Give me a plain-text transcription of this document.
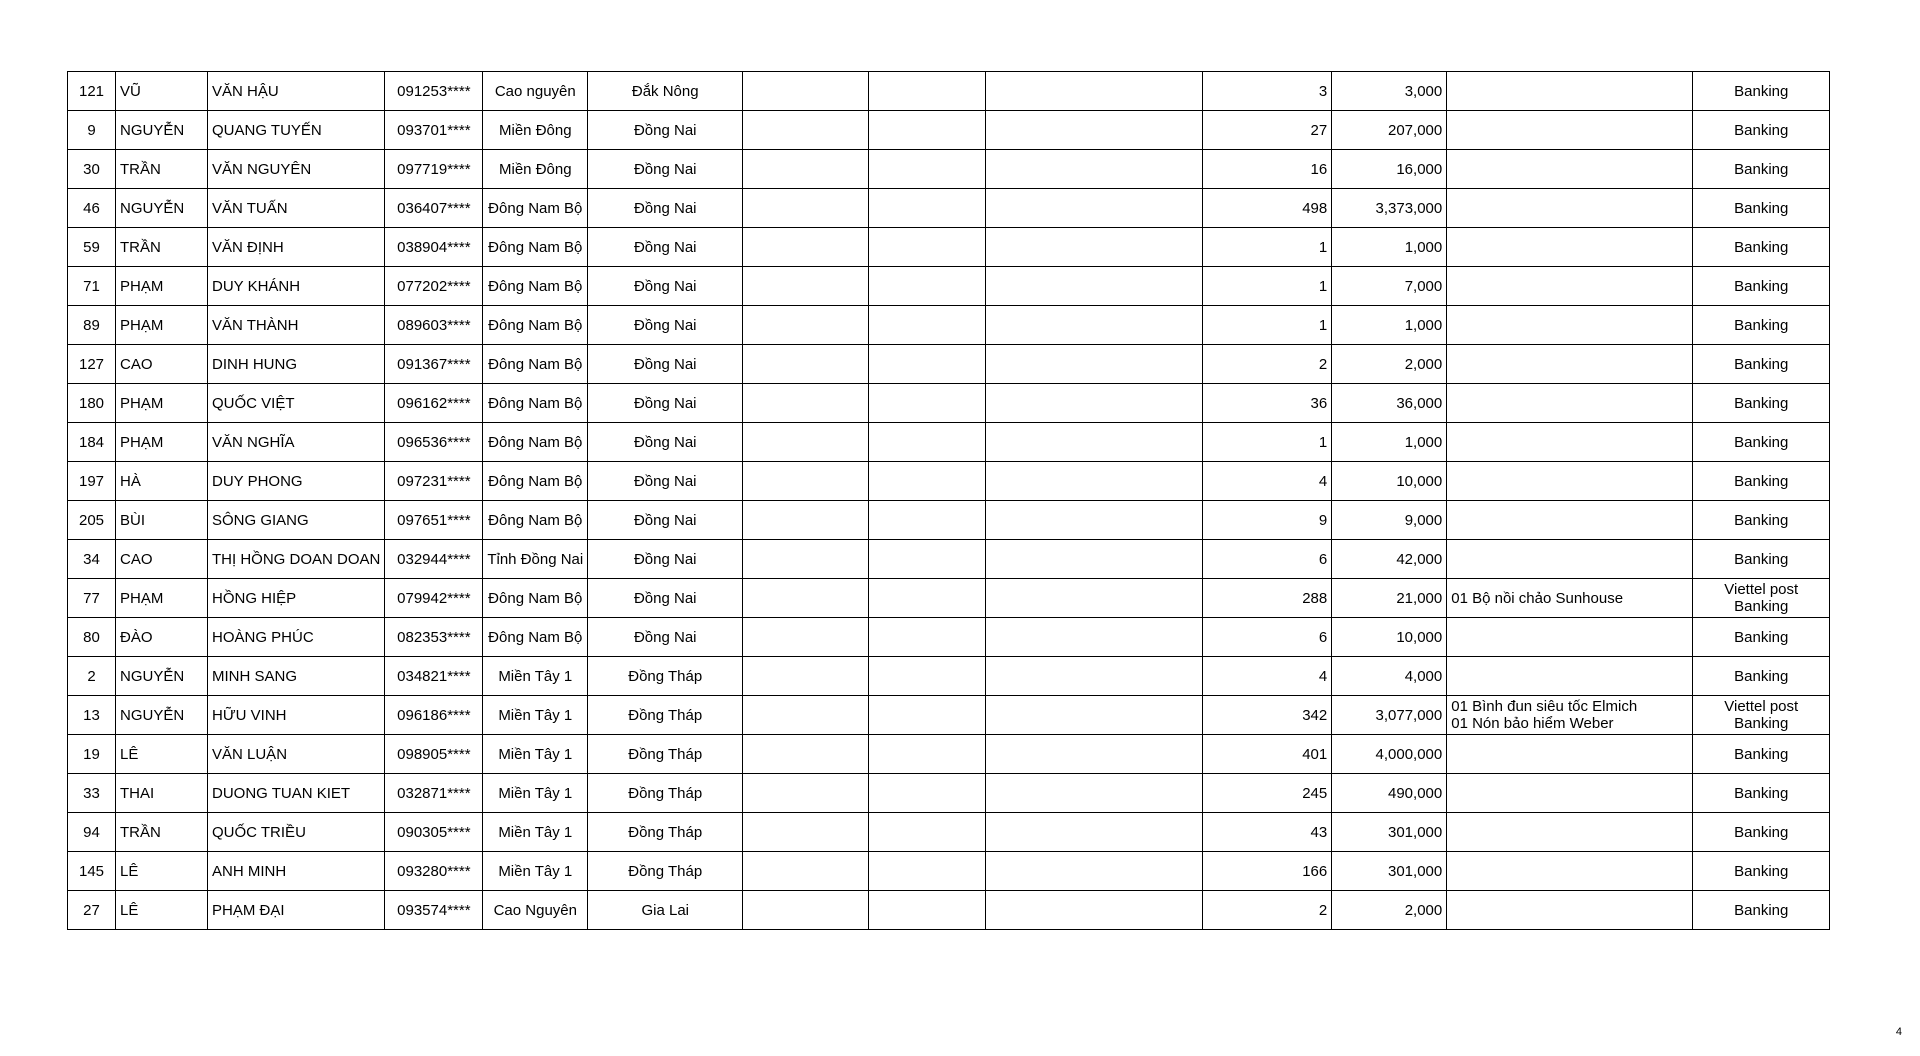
121	VŨ	VĂN HẬU	091253****	Cao nguyên	Đắk Nông				3	3,000		Banking
9	NGUYỄN	QUANG TUYẾN	093701****	Miền Đông	Đồng Nai				27	207,000		Banking
30	TRẦN	VĂN NGUYÊN	097719****	Miền Đông	Đồng Nai				16	16,000		Banking
46	NGUYỄN	VĂN TUẤN	036407****	Đông Nam Bộ	Đồng Nai				498	3,373,000		Banking
59	TRẦN	VĂN ĐỊNH	038904****	Đông Nam Bộ	Đồng Nai				1	1,000		Banking
71	PHẠM	DUY KHÁNH	077202****	Đông Nam Bộ	Đồng Nai				1	7,000		Banking
89	PHẠM	VĂN THÀNH	089603****	Đông Nam Bộ	Đồng Nai				1	1,000		Banking
127	CAO	DINH HUNG	091367****	Đông Nam Bộ	Đồng Nai				2	2,000		Banking
180	PHẠM	QUỐC VIỆT	096162****	Đông Nam Bộ	Đồng Nai				36	36,000		Banking
184	PHẠM	VĂN NGHĨA	096536****	Đông Nam Bộ	Đồng Nai				1	1,000		Banking
197	HÀ	DUY PHONG	097231****	Đông Nam Bộ	Đồng Nai				4	10,000		Banking
205	BÙI	SÔNG GIANG	097651****	Đông Nam Bộ	Đồng Nai				9	9,000		Banking
34	CAO	THỊ HỒNG DOAN DOAN	032944****	Tỉnh Đồng Nai	Đồng Nai				6	42,000		Banking
77	PHẠM	HỒNG HIỆP	079942****	Đông Nam Bộ	Đồng Nai				288	21,000	01 Bộ nồi chảo Sunhouse	Viettel post
Banking
80	ĐÀO	HOÀNG PHÚC	082353****	Đông Nam Bộ	Đồng Nai				6	10,000		Banking
2	NGUYỄN	MINH SANG	034821****	Miền Tây 1	Đồng Tháp				4	4,000		Banking
13	NGUYỄN	HỮU VINH	096186****	Miền Tây 1	Đồng Tháp				342	3,077,000	01 Bình đun siêu tốc Elmich
01 Nón bảo hiểm Weber	Viettel post
Banking
19	LÊ	VĂN LUẬN	098905****	Miền Tây 1	Đồng Tháp				401	4,000,000		Banking
33	THAI	DUONG TUAN KIET	032871****	Miền Tây 1	Đồng Tháp				245	490,000		Banking
94	TRẦN	QUỐC TRIỀU	090305****	Miền Tây 1	Đồng Tháp				43	301,000		Banking
145	LÊ	ANH MINH	093280****	Miền Tây 1	Đồng Tháp				166	301,000		Banking
27	LÊ	PHẠM ĐẠI	093574****	Cao Nguyên	Gia Lai				2	2,000		Banking
4
